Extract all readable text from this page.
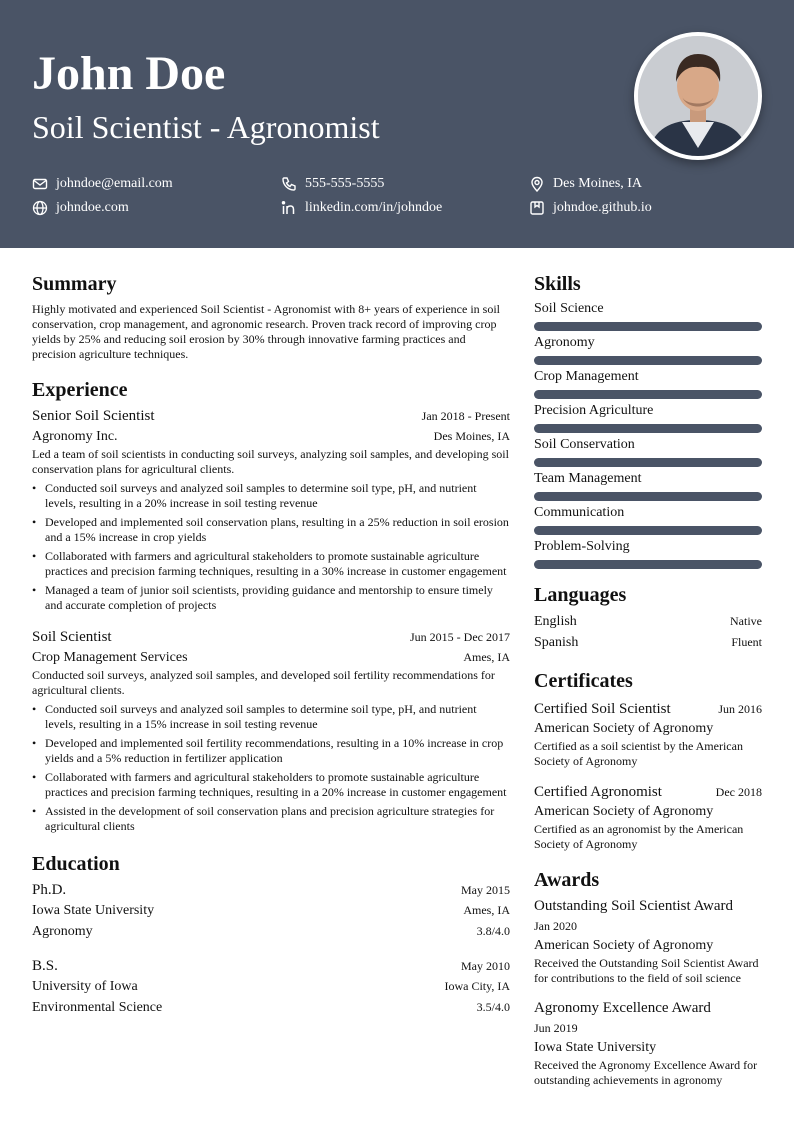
John Doe
Soil Scientist - Agronomist
johndoe@email.com	555-555-5555	Des Moines, IA
johndoe.com	linkedin.com/in/johndoe	johndoe.github.io
Summary

Highly motivated and experienced Soil Scientist - Agronomist with 8+ years of experience in soil conservation, crop management, and agronomic research. Proven track record of improving crop yields by 25% and reducing soil erosion by 30% through innovative farming practices and precision agriculture techniques.

Experience
Senior Soil Scientist	Jan 2018 - Present
Agronomy Inc.	Des Moines, IA

Led a team of soil scientists in conducting soil surveys, analyzing soil samples, and developing soil conservation plans for agricultural clients.

• Conducted soil surveys and analyzed soil samples to determine soil type, pH, and nutrient levels, resulting in a 20% increase in soil testing revenue
• Developed and implemented soil conservation plans, resulting in a 25% reduction in soil erosion and a 15% increase in crop yields
• Collaborated with farmers and agricultural stakeholders to promote sustainable agriculture practices and precision farming techniques, resulting in a 30% increase in customer engagement
• Managed a team of junior soil scientists, providing guidance and mentorship to ensure timely and accurate completion of projects
Soil Scientist	Jun 2015 - Dec 2017
Crop Management Services	Ames, IA

Conducted soil surveys, analyzed soil samples, and developed soil fertility recommendations for agricultural clients.

• Conducted soil surveys and analyzed soil samples to determine soil type, pH, and nutrient levels, resulting in a 15% increase in soil testing revenue
• Developed and implemented soil fertility recommendations, resulting in a 10% increase in crop yields and a 5% reduction in fertilizer application
• Collaborated with farmers and agricultural stakeholders to promote sustainable agriculture practices and precision farming techniques, resulting in a 20% increase in customer engagement
• Assisted in the development of soil conservation plans and precision agriculture strategies for agricultural clients
Education
Ph.D.	May 2015
Iowa State University	Ames, IA
Agronomy	3.8/4.0
B.S.	May 2010
University of Iowa	Iowa City, IA
Environmental Science	3.5/4.0
Skills
Soil Science
Agronomy
Crop Management
Precision Agriculture
Soil Conservation
Team Management
Communication
Problem-Solving
Languages
English	Native
Spanish	Fluent
Certificates
Certified Soil Scientist	Jun 2016
American Society of Agronomy
Certified as a soil scientist by the American Society of Agronomy
Certified Agronomist	Dec 2018
American Society of Agronomy
Certified as an agronomist by the American Society of Agronomy
Awards
Outstanding Soil Scientist Award
Jan 2020
American Society of Agronomy
Received the Outstanding Soil Scientist Award for contributions to the field of soil science
Agronomy Excellence Award
Jun 2019
Iowa State University
Received the Agronomy Excellence Award for outstanding achievements in agronomy
